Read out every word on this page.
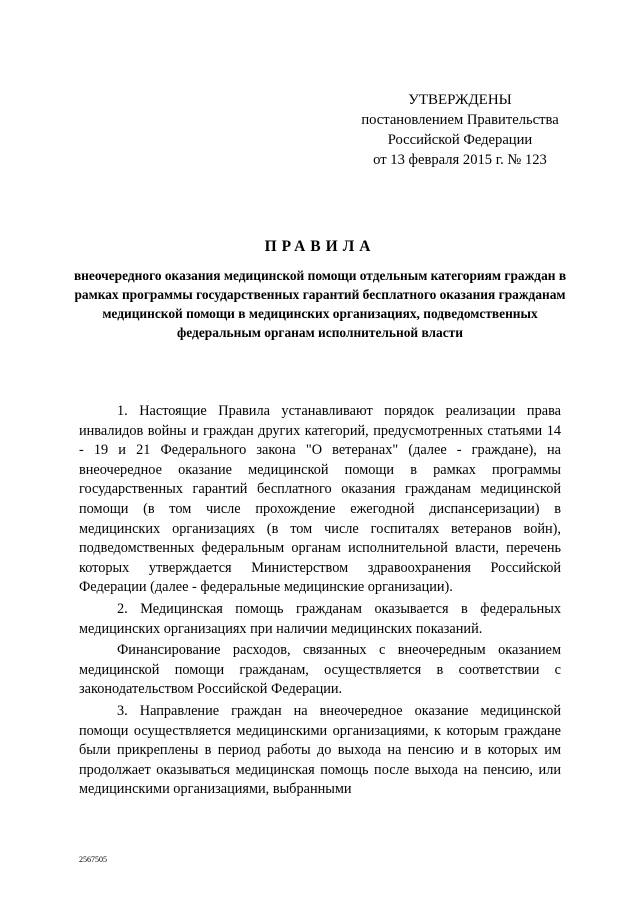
УТВЕРЖДЕНЫ
постановлением Правительства
Российской Федерации
от 13 февраля 2015 г. № 123
ПРАВИЛА
внеочередного оказания медицинской помощи отдельным категориям граждан в рамках программы государственных гарантий бесплатного оказания гражданам медицинской помощи в медицинских организациях, подведомственных федеральным органам исполнительной власти

1. Настоящие Правила устанавливают порядок реализации права инвалидов войны и граждан других категорий, предусмотренных статьями 14 - 19 и 21 Федерального закона "О ветеранах" (далее - граждане), на внеочередное оказание медицинской помощи в рамках программы государственных гарантий бесплатного оказания гражданам медицинской помощи (в том числе прохождение ежегодной диспансеризации) в медицинских организациях (в том числе госпиталях ветеранов войн), подведомственных федеральным органам исполнительной власти, перечень которых утверждается Министерством здравоохранения Российской Федерации (далее - федеральные медицинские организации).

2. Медицинская помощь гражданам оказывается в федеральных медицинских организациях при наличии медицинских показаний.

Финансирование расходов, связанных с внеочередным оказанием медицинской помощи гражданам, осуществляется в соответствии с законодательством Российской Федерации.

3. Направление граждан на внеочередное оказание медицинской помощи осуществляется медицинскими организациями, к которым граждане были прикреплены в период работы до выхода на пенсию и в которых им продолжает оказываться медицинская помощь после выхода на пенсию, или медицинскими организациями, выбранными

2567505
